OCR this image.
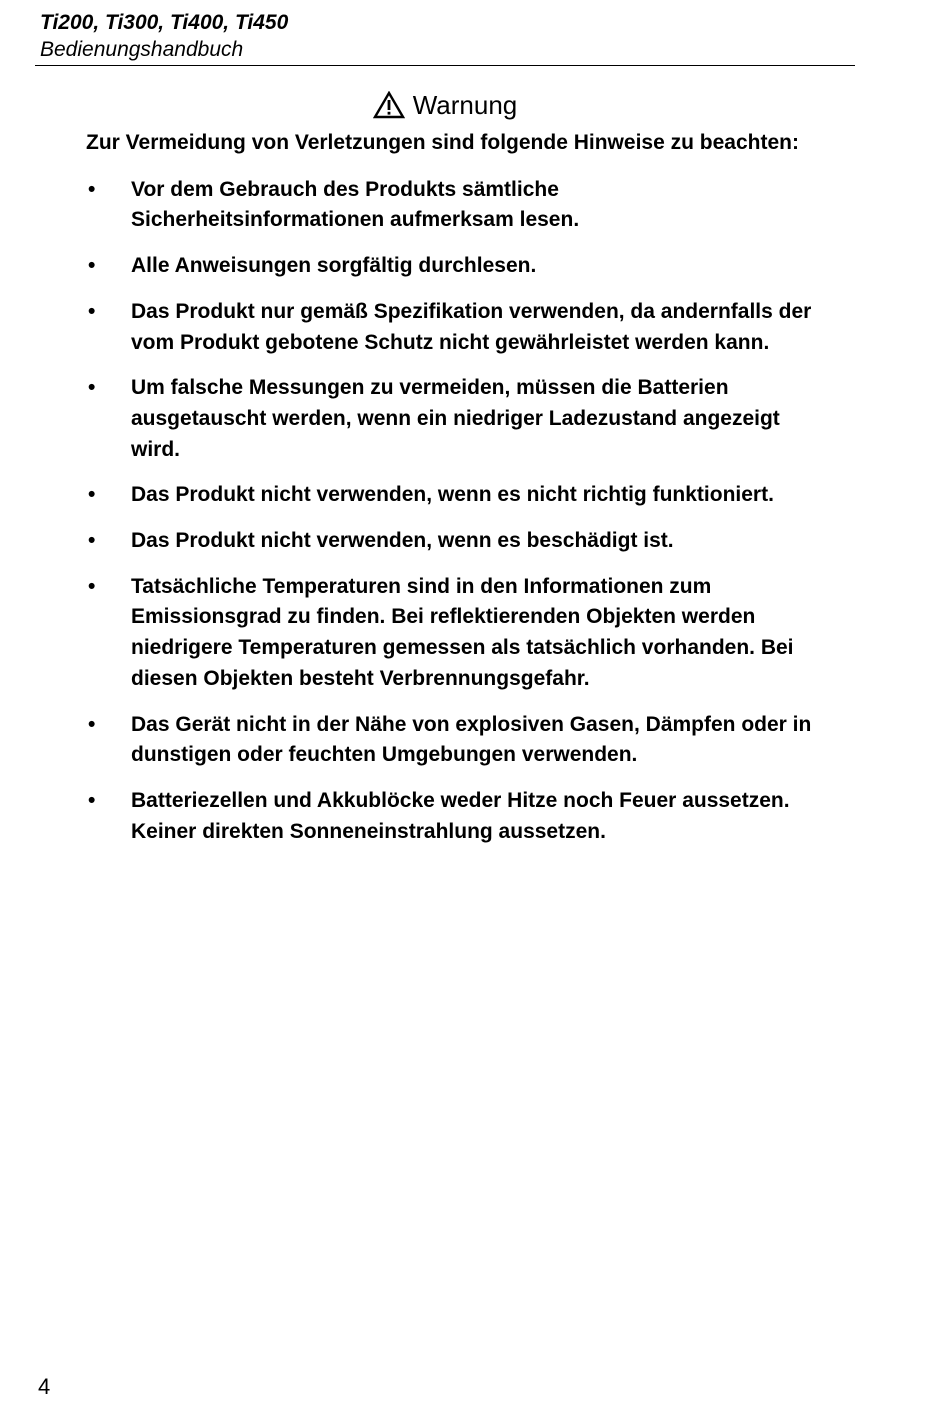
Ti200, Ti300, Ti400, Ti450
Bedienungshandbuch
Warnung

Zur Vermeidung von Verletzungen sind folgende Hinweise zu beachten:

• Vor dem Gebrauch des Produkts sämtliche Sicherheitsinformationen aufmerksam lesen.
• Alle Anweisungen sorgfältig durchlesen.
• Das Produkt nur gemäß Spezifikation verwenden, da andernfalls der vom Produkt gebotene Schutz nicht gewährleistet werden kann.
• Um falsche Messungen zu vermeiden, müssen die Batterien ausgetauscht werden, wenn ein niedriger Ladezustand angezeigt wird.
• Das Produkt nicht verwenden, wenn es nicht richtig funktioniert.
• Das Produkt nicht verwenden, wenn es beschädigt ist.
• Tatsächliche Temperaturen sind in den Informationen zum Emissionsgrad zu finden. Bei reflektierenden Objekten werden niedrigere Temperaturen gemessen als tatsächlich vorhanden. Bei diesen Objekten besteht Verbrennungsgefahr.
• Das Gerät nicht in der Nähe von explosiven Gasen, Dämpfen oder in dunstigen oder feuchten Umgebungen verwenden.
• Batteriezellen und Akkublöcke weder Hitze noch Feuer aussetzen. Keiner direkten Sonneneinstrahlung aussetzen.
4
